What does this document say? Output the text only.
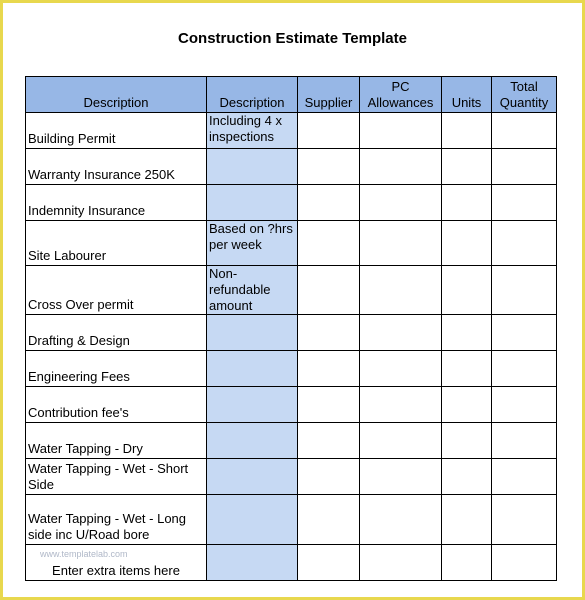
Construction Estimate Template
Description	Description	Supplier	PC Allowances	Units	Total Quantity
Building Permit	Including 4 x inspections				
Warranty Insurance 250K					
Indemnity Insurance					
Site Labourer	Based on ?hrs per week				
Cross Over permit	Non-refundable amount				
Drafting & Design					
Engineering Fees					
Contribution fee's					
Water Tapping - Dry					
Water Tapping - Wet - Short Side					
Water Tapping - Wet - Long side inc U/Road bore					
Enter extra items here					
www.templatelab.com
